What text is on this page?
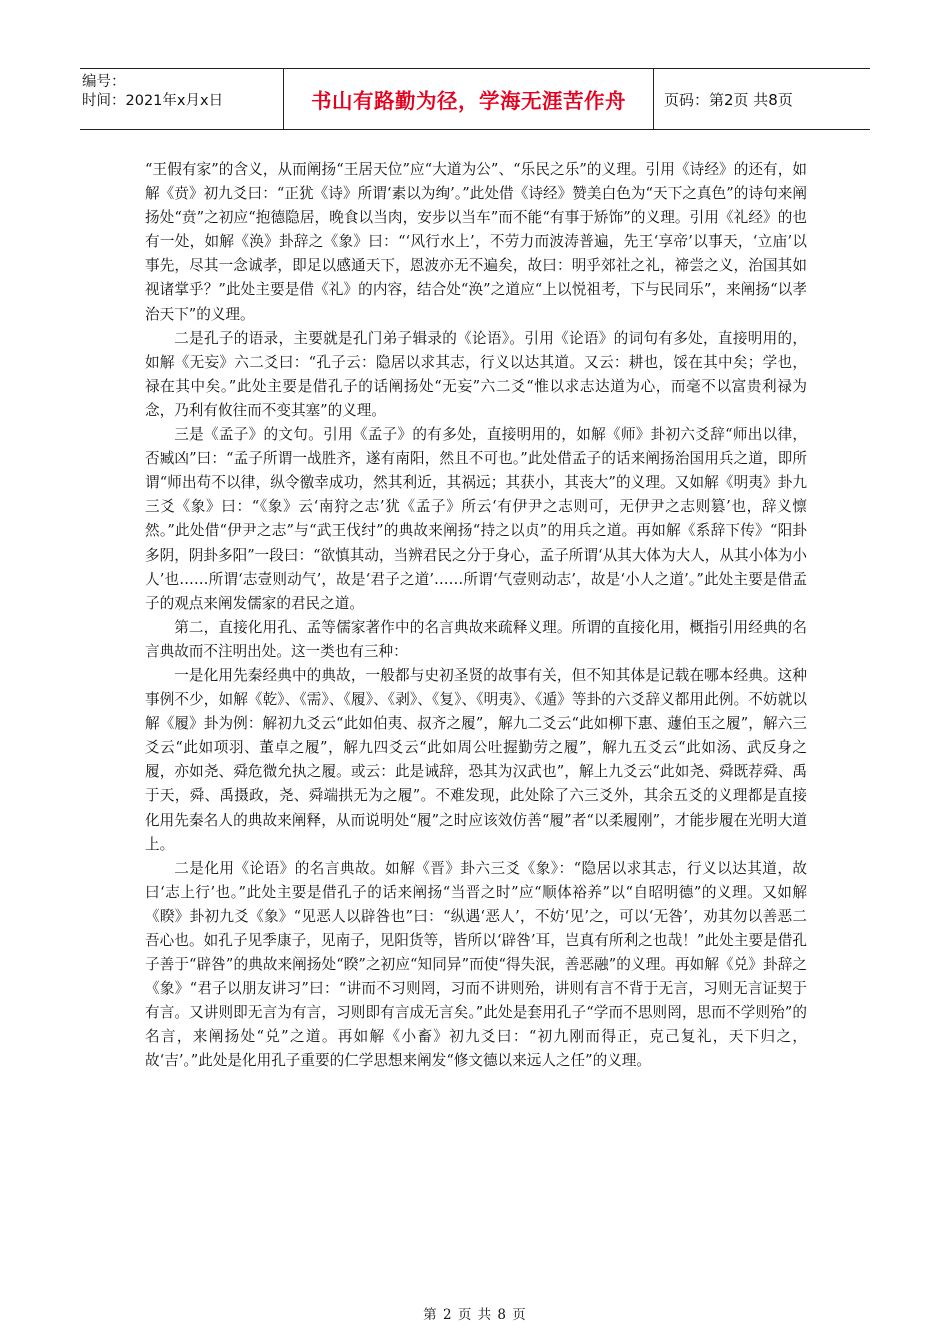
编号：
时间：2021年x月x日	书山有路勤为径，学海无涯苦作舟	页码：第2页 共8页

“王假有家”的含义，从而阐扬“王居天位”应“大道为公”、“乐民之乐”的义理。引用《诗经》的还有，如解《贲》初九爻曰：“正犹《诗》所谓‘素以为绚’。”此处借《诗经》赞美白色为“天下之真色”的诗句来阐扬处“贲”之初应“抱德隐居，晚食以当肉，安步以当车”而不能“有事于矫饰”的义理。引用《礼经》的也有一处，如解《涣》卦辞之《象》曰：“‘风行水上’，不劳力而波涛普遍，先王‘享帝’以事天，‘立庙’以事先，尽其一念诚孝，即足以感通天下，恩波亦无不遍矣，故曰：明乎郊社之礼，禘尝之义，治国其如视诸掌乎？”此处主要是借《礼》的内容，结合处“涣”之道应“上以悦祖考，下与民同乐”，来阐扬“以孝治天下”的义理。

二是孔子的语录，主要就是孔门弟子辑录的《论语》。引用《论语》的词句有多处，直接明用的，如解《无妄》六二爻曰：“孔子云：隐居以求其志，行义以达其道。又云：耕也，馁在其中矣；学也，禄在其中矣。”此处主要是借孔子的话阐扬处“无妄”六二爻“惟以求志达道为心，而毫不以富贵利禄为念，乃利有攸往而不变其塞”的义理。

三是《孟子》的文句。引用《孟子》的有多处，直接明用的，如解《师》卦初六爻辞“师出以律，否臧凶”曰：“孟子所谓一战胜齐，遂有南阳，然且不可也。”此处借孟子的话来阐扬治国用兵之道，即所谓“师出苟不以律，纵令徼幸成功，然其利近，其祸远；其获小，其丧大”的义理。又如解《明夷》卦九三爻《象》曰：“《象》云‘南狩之志’犹《孟子》所云‘有伊尹之志则可，无伊尹之志则篡’也，辞义懔然。”此处借“伊尹之志”与“武王伐纣”的典故来阐扬“持之以贞”的用兵之道。再如解《系辞下传》“阳卦多阴，阴卦多阳”一段曰：“欲慎其动，当辨君民之分于身心，孟子所谓‘从其大体为大人，从其小体为小人’也……所谓‘志壹则动气’，故是‘君子之道’……所谓‘气壹则动志’，故是‘小人之道’。”此处主要是借孟子的观点来阐发儒家的君民之道。

第二，直接化用孔、孟等儒家著作中的名言典故来疏释义理。所谓的直接化用，概指引用经典的名言典故而不注明出处。这一类也有三种：

一是化用先秦经典中的典故，一般都与史初圣贤的故事有关，但不知其体是记载在哪本经典。这种事例不少，如解《乾》、《需》、《履》、《剥》、《复》、《明夷》、《遁》等卦的六爻辞义都用此例。不妨就以解《履》卦为例：解初九爻云“此如伯夷、叔齐之履”，解九二爻云“此如柳下惠、蘧伯玉之履”，解六三爻云“此如项羽、董卓之履”，解九四爻云“此如周公吐握勤劳之履”，解九五爻云“此如汤、武反身之履，亦如尧、舜危微允执之履。或云：此是诫辞，恐其为汉武也”，解上九爻云“此如尧、舜既荐舜、禹于天，舜、禹摄政，尧、舜端拱无为之履”。不难发现，此处除了六三爻外，其余五爻的义理都是直接化用先秦名人的典故来阐释，从而说明处“履”之时应该效仿善“履”者“以柔履刚”，才能步履在光明大道上。

二是化用《论语》的名言典故。如解《晋》卦六三爻《象》：“隐居以求其志，行义以达其道，故曰‘志上行’也。”此处主要是借孔子的话来阐扬“当晋之时”应“顺体裕养”以“自昭明德”的义理。又如解《睽》卦初九爻《象》“见恶人以辟咎也”曰：“纵遇‘恶人’，不妨‘见’之，可以‘无咎’，劝其勿以善恶二吾心也。如孔子见季康子，见南子，见阳货等，皆所以‘辟咎’耳，岂真有所利之也哉！”此处主要是借孔子善于“辟咎”的典故来阐扬处“睽”之初应“知同异”而使“得失泯，善恶融”的义理。再如解《兑》卦辞之《象》“君子以朋友讲习”曰：“讲而不习则罔，习而不讲则殆，讲则有言不背于无言，习则无言证契于有言。又讲则即无言为有言，习则即有言成无言矣。”此处是套用孔子“学而不思则罔，思而不学则殆”的名言，来阐扬处“兑”之道。再如解《小畜》初九爻曰：“初九刚而得正，克己复礼，天下归之，故‘吉’。”此处是化用孔子重要的仁学思想来阐发“修文德以来远人之任”的义理。

第 2 页 共 8 页
